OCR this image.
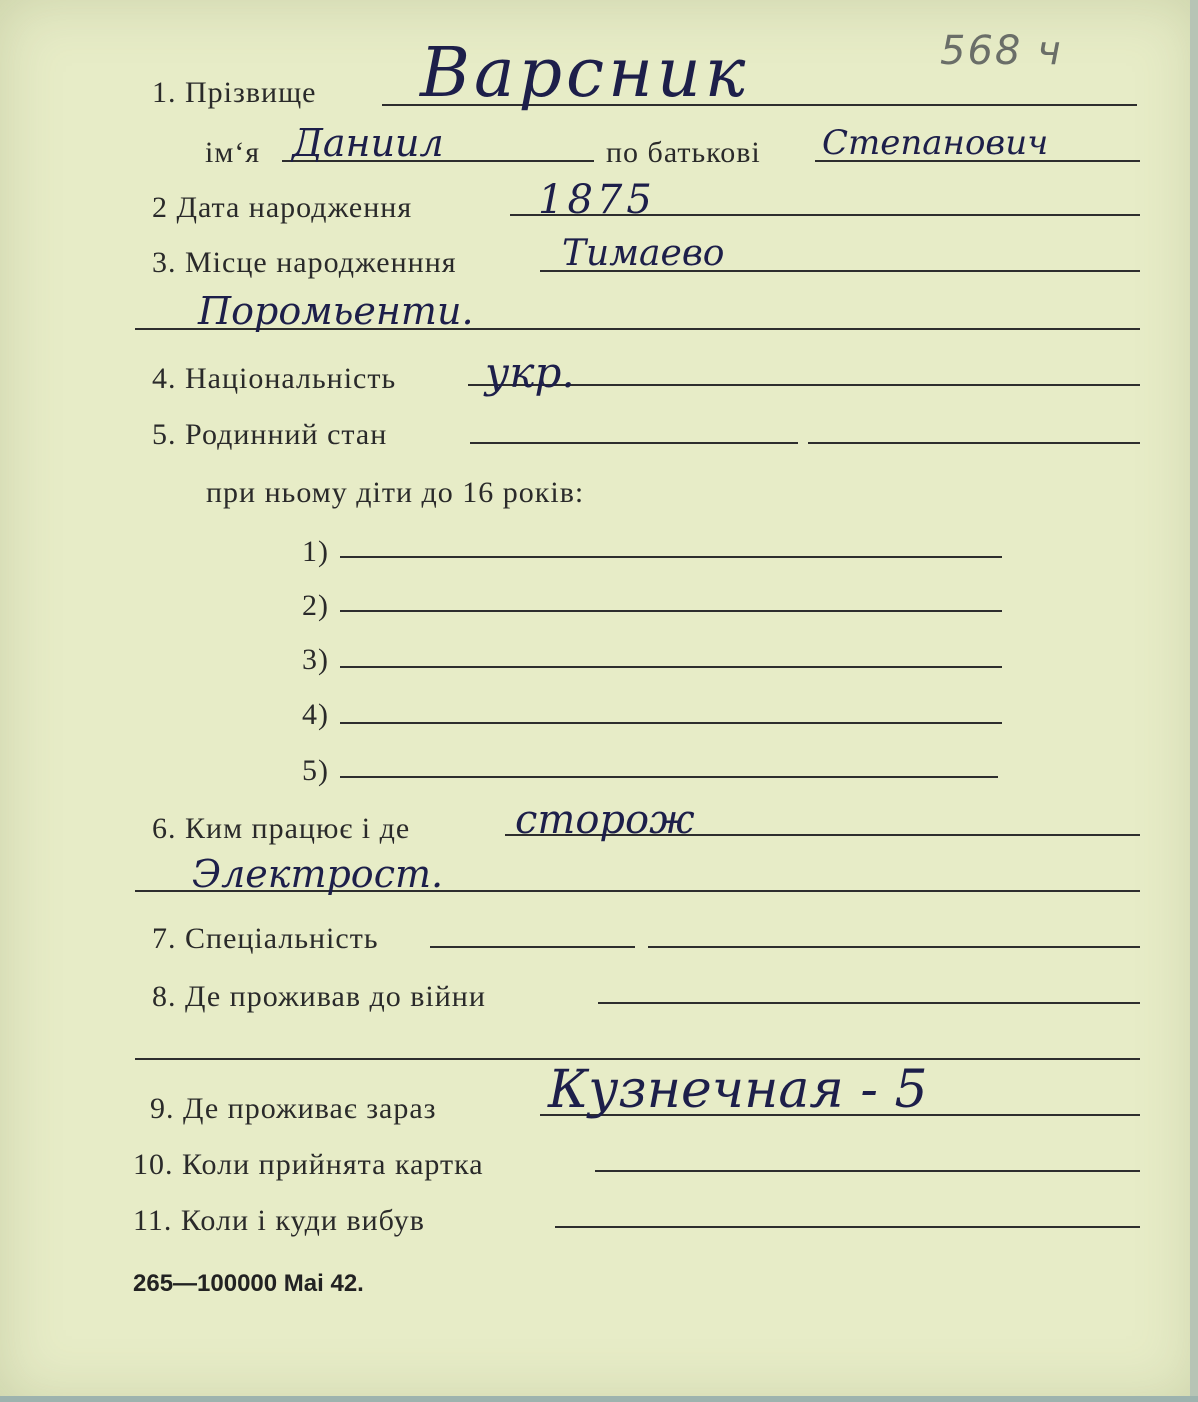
568 ч
1. Прізвище Варсник
ім‘я Даниил	по батькові Степанович
2 Дата народження	1875
3. Місце народженння	Тимаево
Поромьенти.
4. Національність укр.
5. Родинний стан
при ньому діти до 16 років:
1)
2)
3)
4)
5)
6. Ким працює і де	сторож
Электрост.
7. Спеціальність
8. Де проживав до війни
9. Де проживає зараз Кузнечная - 5
10. Коли прийнята картка
11. Коли і куди вибув
265—100000 Mai 42.
